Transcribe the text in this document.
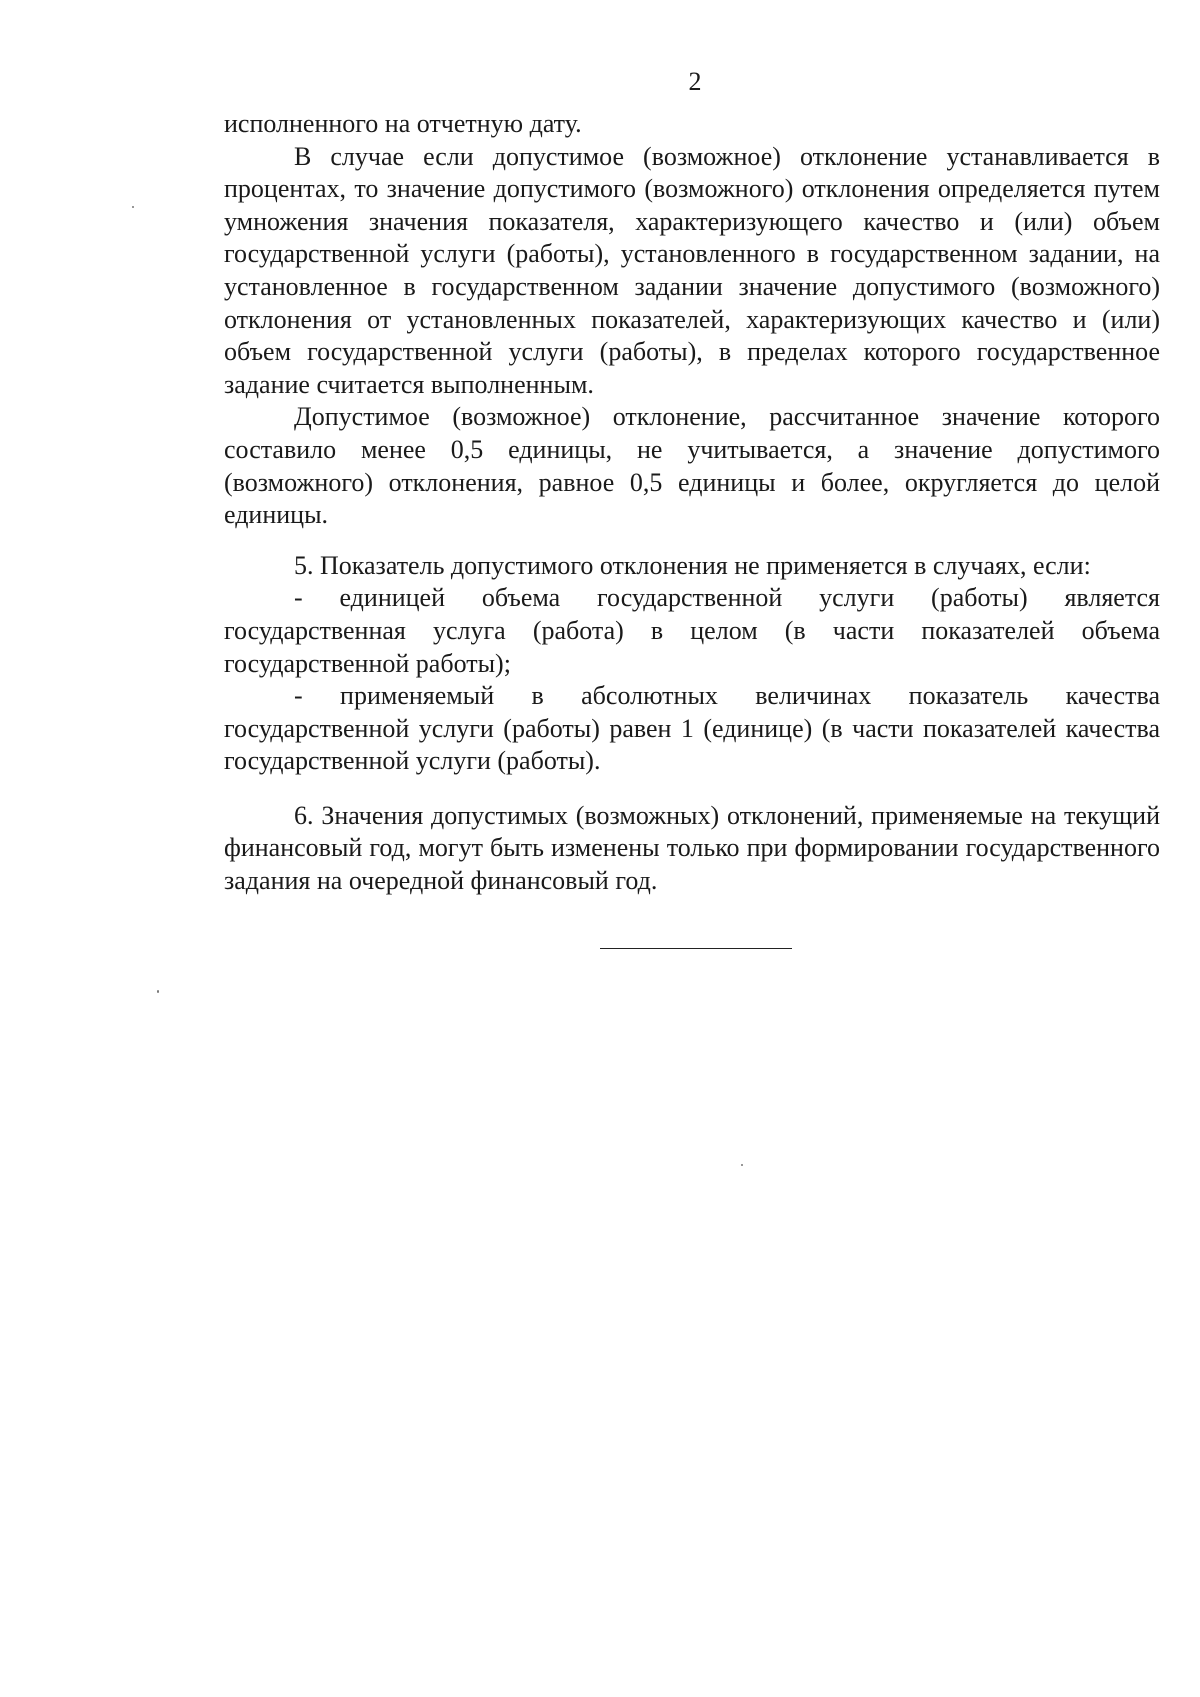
2

исполненного на отчетную дату.

В случае если допустимое (возможное) отклонение устанавливается в процентах, то значение допустимого (возможного) отклонения определяется путем умножения значения показателя, характеризующего качество и (или) объем государственной услуги (работы), установленного в государственном задании, на установленное в государственном задании значение допустимого (возможного) отклонения от установленных показателей, характеризующих качество и (или) объем государственной услуги (работы), в пределах которого государственное задание считается выполненным.

Допустимое (возможное) отклонение, рассчитанное значение которого составило менее 0,5 единицы, не учитывается, а значение допустимого (возможного) отклонения, равное 0,5 единицы и более, округляется до целой единицы.

5. Показатель допустимого отклонения не применяется в случаях, если:

- единицей объема государственной услуги (работы) является государственная услуга (работа) в целом (в части показателей объема государственной работы);

- применяемый в абсолютных величинах показатель качества государственной услуги (работы) равен 1 (единице) (в части показателей качества государственной услуги (работы).

6. Значения допустимых (возможных) отклонений, применяемые на текущий финансовый год, могут быть изменены только при формировании государственного задания на очередной финансовый год.
